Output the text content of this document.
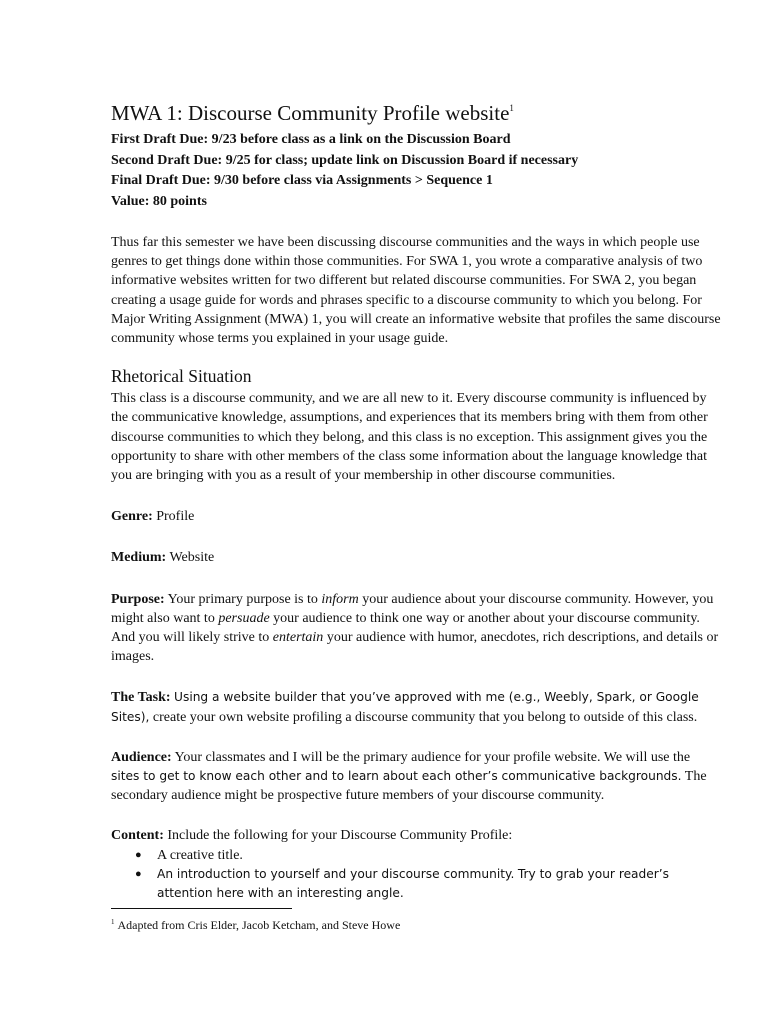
MWA 1: Discourse Community Profile website$^1$

First Draft Due: 9/23 before class as a link on the Discussion Board

Second Draft Due: 9/25 for class; update link on Discussion Board if necessary

Final Draft Due: 9/30 before class via Assignments > Sequence 1

Value: 80 points

Thus far this semester we have been discussing discourse communities and the ways in which people use genres to get things done within those communities. For SWA 1, you wrote a comparative analysis of two informative websites written for two different but related discourse communities. For SWA 2, you began creating a usage guide for words and phrases specific to a discourse community to which you belong. For Major Writing Assignment (MWA) 1, you will create an informative website that profiles the same discourse community whose terms you explained in your usage guide.

Rhetorical Situation

This class is a discourse community, and we are all new to it. Every discourse community is influenced by the communicative knowledge, assumptions, and experiences that its members bring with them from other discourse communities to which they belong, and this class is no exception. This assignment gives you the opportunity to share with other members of the class some information about the language knowledge that you are bringing with you as a result of your membership in other discourse communities.

Genre: Profile

Medium: Website

Purpose: Your primary purpose is to inform your audience about your discourse community. However, you might also want to persuade your audience to think one way or another about your discourse community. And you will likely strive to entertain your audience with humor, anecdotes, rich descriptions, and details or images.

The Task: Using a website builder that you’ve approved with me (e.g., Weebly, Spark, or Google Sites), create your own website profiling a discourse community that you belong to outside of this class.

Audience: Your classmates and I will be the primary audience for your profile website. We will use the sites to get to know each other and to learn about each other’s communicative backgrounds. The secondary audience might be prospective future members of your discourse community.

Content: Include the following for your Discourse Community Profile:

● A creative title.
● An introduction to yourself and your discourse community. Try to grab your reader’s attention here with an interesting angle.
$^1$ Adapted from Cris Elder, Jacob Ketcham, and Steve Howe
